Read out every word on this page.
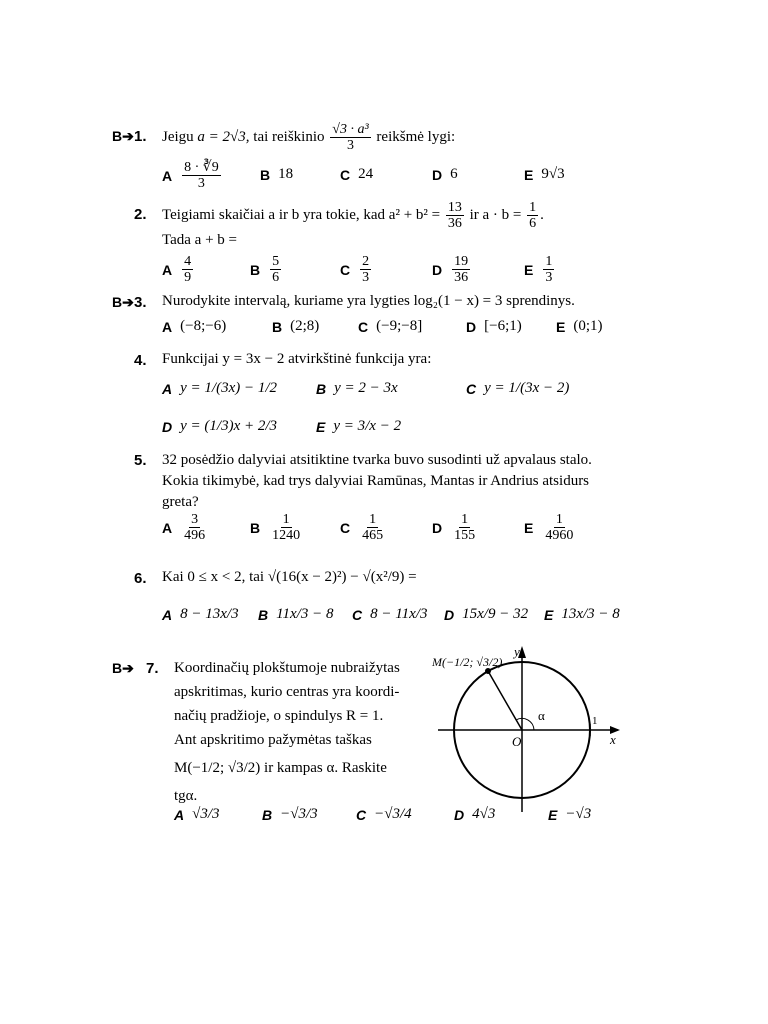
B➔ 1. Jeigu
a = 2√3,
tai reiškinio
$\frac{\text{√3 · a³}}{3}$
reikšmė lygi:
A $\frac{8 \cdot ∛9}{3}$	B 18	C 24	D 6	E 9√3
2. Teigiami skaičiai a ir b yra tokie, kad a² + b² =
$\frac{13}{36}$
ir a · b =
$\frac{1}{6}$ .
Tada a + b =
A $\frac{4}{9}$	B $\frac{5}{6}$	C $\frac{2}{3}$	D $\frac{19}{36}$	E $\frac{1}{3}$
B➔ 3. Nurodykite intervalą, kuriame yra lygties log₂(1 − x) = 3 sprendinys.
A (−8;−6)	B (2;8)	C (−9;−8]	D [−6;1) E (0;1)
4. Funkcijai y = 3x − 2 atvirkštinė funkcija yra:
A y = 1/(3x) − 1/2	B y = 2 − 3x	C y = 1/(3x − 2)
D y = (1/3)x + 2/3	E y = 3/x − 2
5. 32 posėdžio dalyviai atsitiktine tvarka buvo susodinti už apvalaus stalo.
Kokia tikimybė, kad trys dalyviai Ramūnas, Mantas ir Andrius atsidurs
greta?
A $\frac{3}{496}$	B $\frac{1}{1240}$	C $\frac{1}{465}$	D $\frac{1}{155}$	E $\frac{1}{4960}$
6. Kai 0 ≤ x < 2, tai √(16(x − 2)²) − √(x²/9) =
A 8 − 13x/3 B 11x/3 − 8 C 8 − 11x/3 D 15x/9 − 32 E 13x/3 − 8
B➔ 7. Koordinačių plokštumoje nubraižytas
apskritimas, kurio centras yra koordi-
načių pradžioje, o spindulys R = 1.
Ant apskritimo pažymėtas taškas
M(−1/2; √3/2) ir kampas α. Raskite
tgα.
M(−1/2; √3/2)
y
x
O
α	1
A √3/3	B −√3/3	C −√3/4	D 4√3	E −√3
